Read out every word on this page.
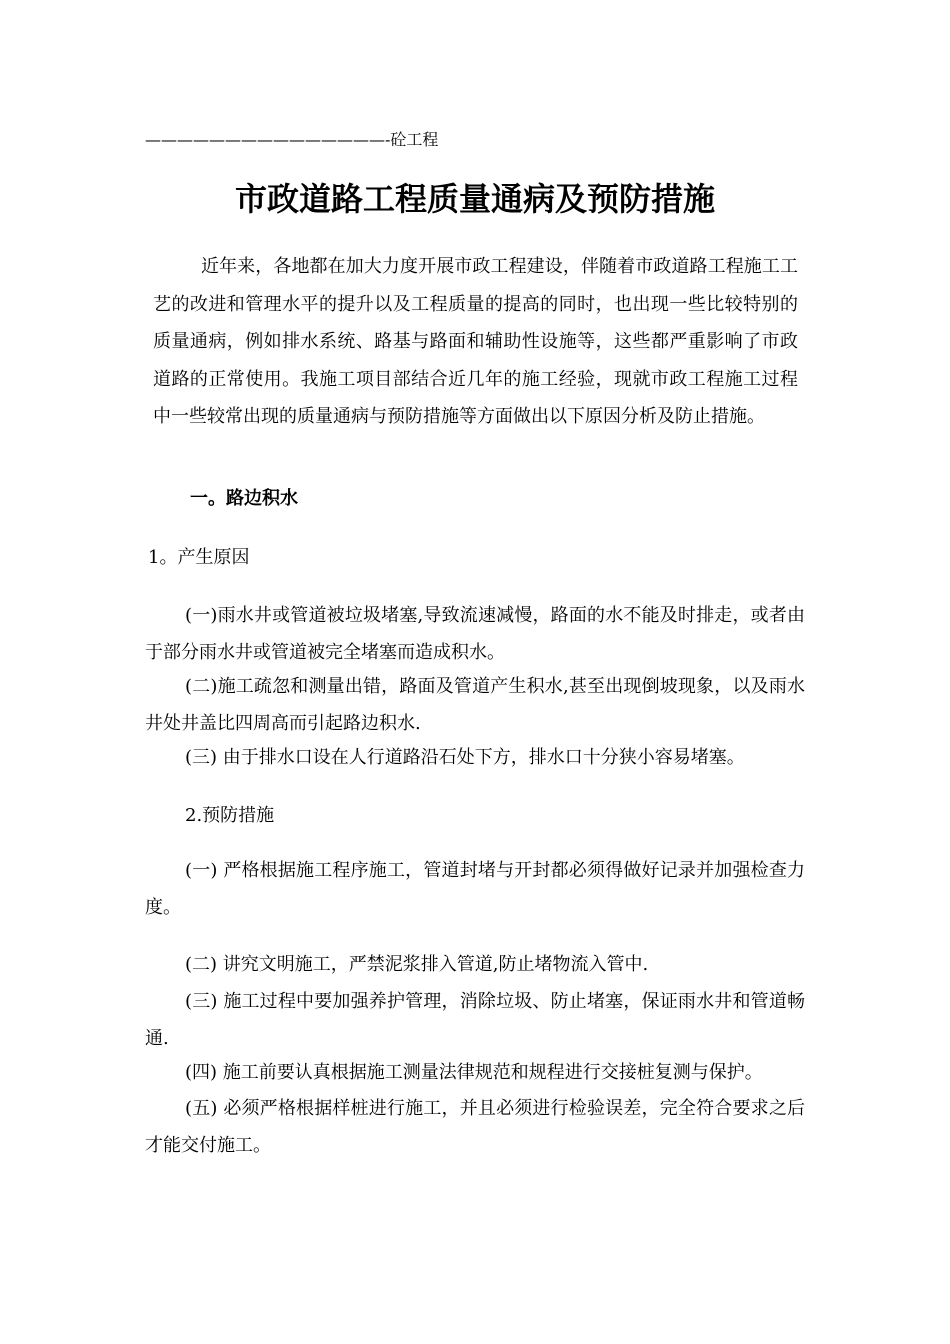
———————————————-砼工程
市政道路工程质量通病及预防措施
近年来，各地都在加大力度开展市政工程建设，伴随着市政道路工程施工工艺的改进和管理水平的提升以及工程质量的提高的同时，也出现一些比较特别的质量通病，例如排水系统、路基与路面和辅助性设施等，这些都严重影响了市政道路的正常使用。我施工项目部结合近几年的施工经验，现就市政工程施工过程中一些较常出现的质量通病与预防措施等方面做出以下原因分析及防止措施。
一。路边积水
1。产生原因
(一)雨水井或管道被垃圾堵塞,导致流速减慢，路面的水不能及时排走，或者由于部分雨水井或管道被完全堵塞而造成积水。
(二)施工疏忽和测量出错，路面及管道产生积水,甚至出现倒坡现象，以及雨水井处井盖比四周高而引起路边积水.
(三) 由于排水口设在人行道路沿石处下方，排水口十分狭小容易堵塞。
2.预防措施
(一) 严格根据施工程序施工，管道封堵与开封都必须得做好记录并加强检查力度。
(二) 讲究文明施工，严禁泥浆排入管道,防止堵物流入管中.
(三) 施工过程中要加强养护管理，消除垃圾、防止堵塞，保证雨水井和管道畅通.
(四) 施工前要认真根据施工测量法律规范和规程进行交接桩复测与保护。
(五) 必须严格根据样桩进行施工，并且必须进行检验误差，完全符合要求之后才能交付施工。
